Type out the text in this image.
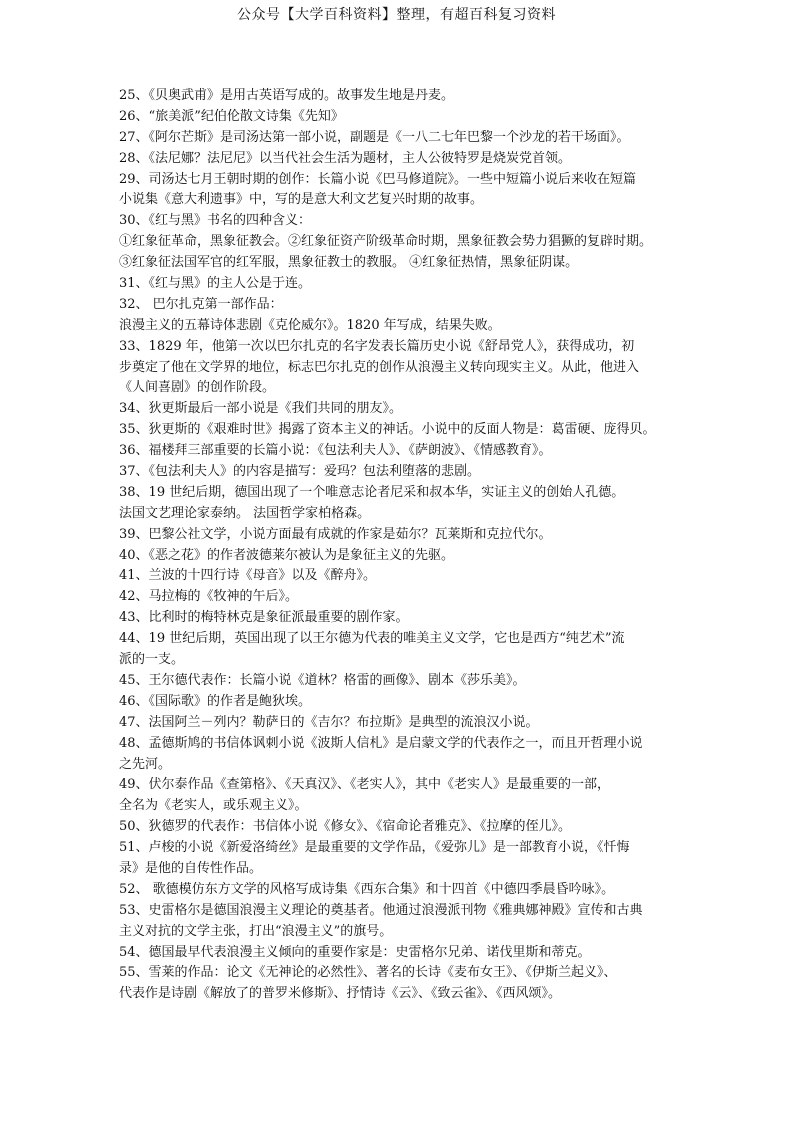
公众号【大学百科资料】整理，有超百科复习资料
25、《贝奥武甫》是用古英语写成的。故事发生地是丹麦。
26、“旅美派”纪伯伦散文诗集《先知》
27、《阿尔芒斯》是司汤达第一部小说，副题是《一八二七年巴黎一个沙龙的若干场面》。
28、《法尼娜？法尼尼》以当代社会生活为题材，主人公彼特罗是烧炭党首领。
29、司汤达七月王朝时期的创作：长篇小说《巴马修道院》。一些中短篇小说后来收在短篇
小说集《意大利遗事》中，写的是意大利文艺复兴时期的故事。
30、《红与黑》书名的四种含义：
①红象征革命，黑象征教会。②红象征资产阶级革命时期，黑象征教会势力猖獗的复辟时期。
③红象征法国军官的红军服，黑象征教士的教服。 ④红象征热情，黑象征阴谋。
31、《红与黑》的主人公是于连。
32、 巴尔扎克第一部作品：
浪漫主义的五幕诗体悲剧《克伦威尔》。1820 年写成，结果失败。
33、1829 年，他第一次以巴尔扎克的名字发表长篇历史小说《舒昂党人》，获得成功，初
步奠定了他在文学界的地位，标志巴尔扎克的创作从浪漫主义转向现实主义。从此，他进入
《人间喜剧》的创作阶段。
34、狄更斯最后一部小说是《我们共同的朋友》。
35、狄更斯的《艰难时世》揭露了资本主义的神话。小说中的反面人物是：葛雷硬、庞得贝。
36、福楼拜三部重要的长篇小说：《包法利夫人》、《萨朗波》、《情感教育》。
37、《包法利夫人》的内容是描写：爱玛？包法利堕落的悲剧。
38、19 世纪后期，德国出现了一个唯意志论者尼采和叔本华，实证主义的创始人孔德。
法国文艺理论家泰纳。 法国哲学家柏格森。
39、巴黎公社文学，小说方面最有成就的作家是茹尔？瓦莱斯和克拉代尔。
40、《恶之花》的作者波德莱尔被认为是象征主义的先驱。
41、兰波的十四行诗《母音》以及《醉舟》。
42、马拉梅的《牧神的午后》。
43、比利时的梅特林克是象征派最重要的剧作家。
44、19 世纪后期，英国出现了以王尔德为代表的唯美主义文学，它也是西方“纯艺术”流
派的一支。
45、王尔德代表作：长篇小说《道林？格雷的画像》、剧本《莎乐美》。
46、《国际歌》的作者是鲍狄埃。
47、法国阿兰－列内？勒萨日的《吉尔？布拉斯》是典型的流浪汉小说。
48、孟德斯鸠的书信体讽刺小说《波斯人信札》是启蒙文学的代表作之一，而且开哲理小说
之先河。
49、伏尔泰作品《查第格》、《天真汉》、《老实人》，其中《老实人》是最重要的一部，
全名为《老实人，或乐观主义》。
50、狄德罗的代表作：书信体小说《修女》、《宿命论者雅克》、《拉摩的侄儿》。
51、卢梭的小说《新爱洛绮丝》是最重要的文学作品，《爱弥儿》是一部教育小说，《忏悔
录》是他的自传性作品。
52、 歌德模仿东方文学的风格写成诗集《西东合集》和十四首《中德四季晨昏吟咏》。
53、史雷格尔是德国浪漫主义理论的奠基者。他通过浪漫派刊物《雅典娜神殿》宣传和古典
主义对抗的文学主张，打出“浪漫主义”的旗号。
54、德国最早代表浪漫主义倾向的重要作家是：史雷格尔兄弟、诺伐里斯和蒂克。
55、雪莱的作品：论文《无神论的必然性》、著名的长诗《麦布女王》、《伊斯兰起义》、
代表作是诗剧《解放了的普罗米修斯》、抒情诗《云》、《致云雀》、《西风颂》。
